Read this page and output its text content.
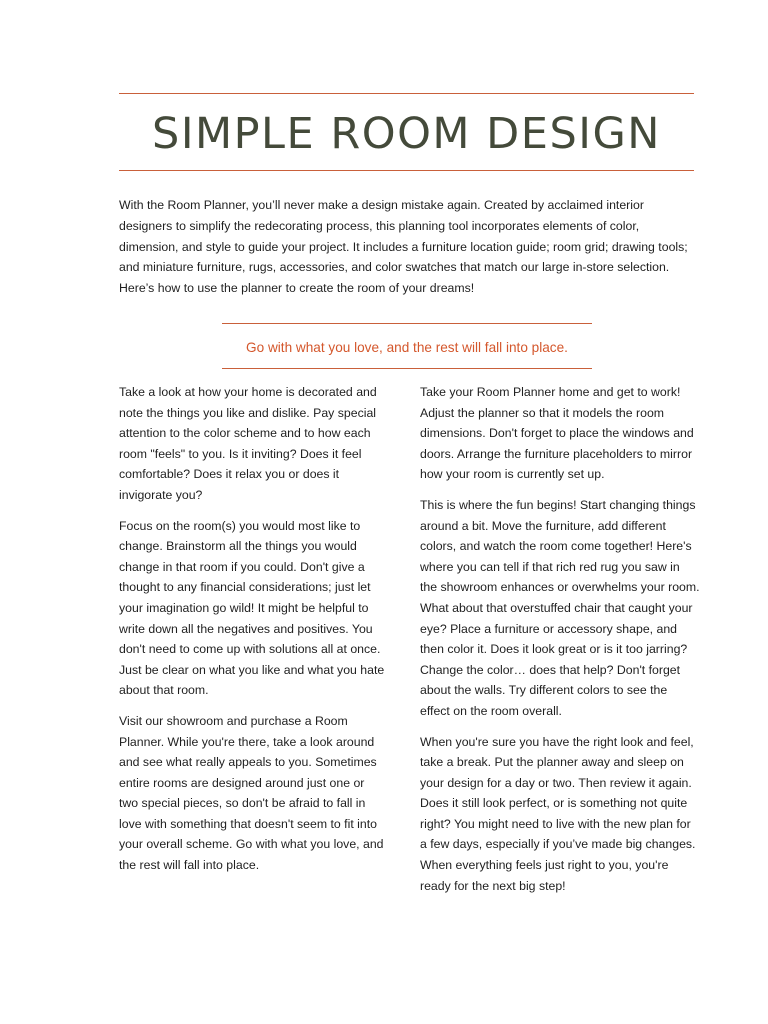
SIMPLE ROOM DESIGN

With the Room Planner, you’ll never make a design mistake again. Created by acclaimed interior designers to simplify the redecorating process, this planning tool incorporates elements of color, dimension, and style to guide your project. It includes a furniture location guide; room grid; drawing tools; and miniature furniture, rugs, accessories, and color swatches that match our large in-store selection. Here’s how to use the planner to create the room of your dreams!

Go with what you love, and the rest will fall into place.

Take a look at how your home is decorated and note the things you like and dislike. Pay special attention to the color scheme and to how each room "feels" to you. Is it inviting? Does it feel comfortable? Does it relax you or does it invigorate you?

Focus on the room(s) you would most like to change. Brainstorm all the things you would change in that room if you could. Don't give a thought to any financial considerations; just let your imagination go wild! It might be helpful to write down all the negatives and positives. You don't need to come up with solutions all at once. Just be clear on what you like and what you hate about that room.

Visit our showroom and purchase a Room Planner. While you're there, take a look around and see what really appeals to you. Sometimes entire rooms are designed around just one or two special pieces, so don't be afraid to fall in love with something that doesn't seem to fit into your overall scheme. Go with what you love, and the rest will fall into place.

Take your Room Planner home and get to work! Adjust the planner so that it models the room dimensions. Don't forget to place the windows and doors. Arrange the furniture placeholders to mirror how your room is currently set up.

This is where the fun begins! Start changing things around a bit. Move the furniture, add different colors, and watch the room come together! Here's where you can tell if that rich red rug you saw in the showroom enhances or overwhelms your room. What about that overstuffed chair that caught your eye? Place a furniture or accessory shape, and then color it. Does it look great or is it too jarring? Change the color… does that help? Don't forget about the walls. Try different colors to see the effect on the room overall.

When you're sure you have the right look and feel, take a break. Put the planner away and sleep on your design for a day or two. Then review it again. Does it still look perfect, or is something not quite right? You might need to live with the new plan for a few days, especially if you’ve made big changes. When everything feels just right to you, you're ready for the next big step!
